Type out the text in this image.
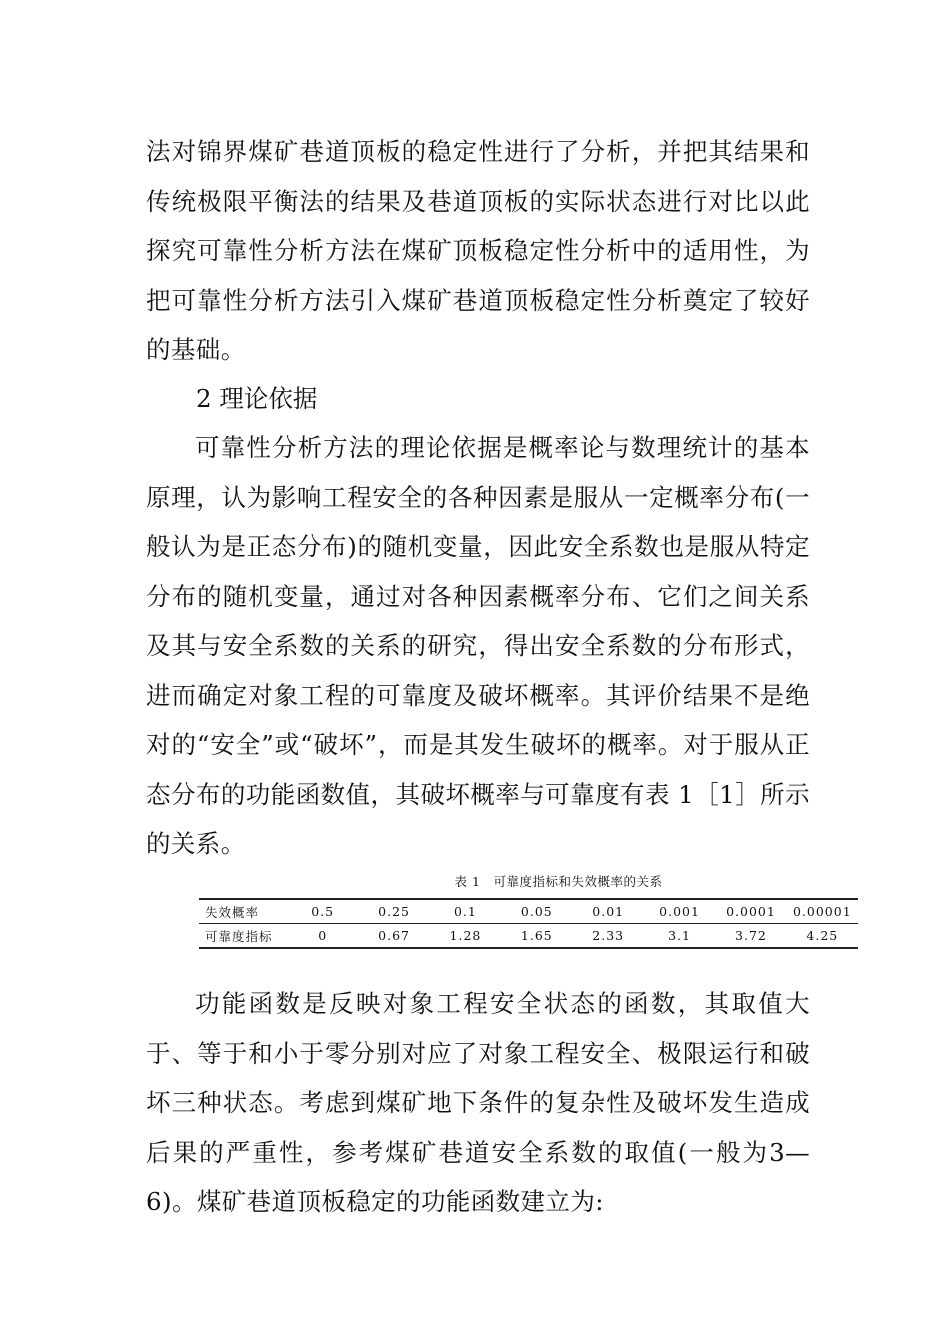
法对锦界煤矿巷道顶板的稳定性进行了分析，并把其结果和传统极限平衡法的结果及巷道顶板的实际状态进行对比以此探究可靠性分析方法在煤矿顶板稳定性分析中的适用性，为把可靠性分析方法引入煤矿巷道顶板稳定性分析奠定了较好的基础。

2 理论依据

可靠性分析方法的理论依据是概率论与数理统计的基本原理，认为影响工程安全的各种因素是服从一定概率分布(一般认为是正态分布)的随机变量，因此安全系数也是服从特定分布的随机变量，通过对各种因素概率分布、它们之间关系及其与安全系数的关系的研究，得出安全系数的分布形式，进而确定对象工程的可靠度及破坏概率。其评价结果不是绝对的“安全”或“破坏”，而是其发生破坏的概率。对于服从正态分布的功能函数值，其破坏概率与可靠度有表 1［1］所示的关系。

表 1　可靠度指标和失效概率的关系
失效概率	0.5	0.25	0.1	0.05	0.01	0.001	0.0001	0.00001
可靠度指标	0	0.67	1.28	1.65	2.33	3.1	3.72	4.25

功能函数是反映对象工程安全状态的函数，其取值大于、等于和小于零分别对应了对象工程安全、极限运行和破坏三种状态。考虑到煤矿地下条件的复杂性及破坏发生造成后果的严重性，参考煤矿巷道安全系数的取值(一般为3—6)。煤矿巷道顶板稳定的功能函数建立为:
